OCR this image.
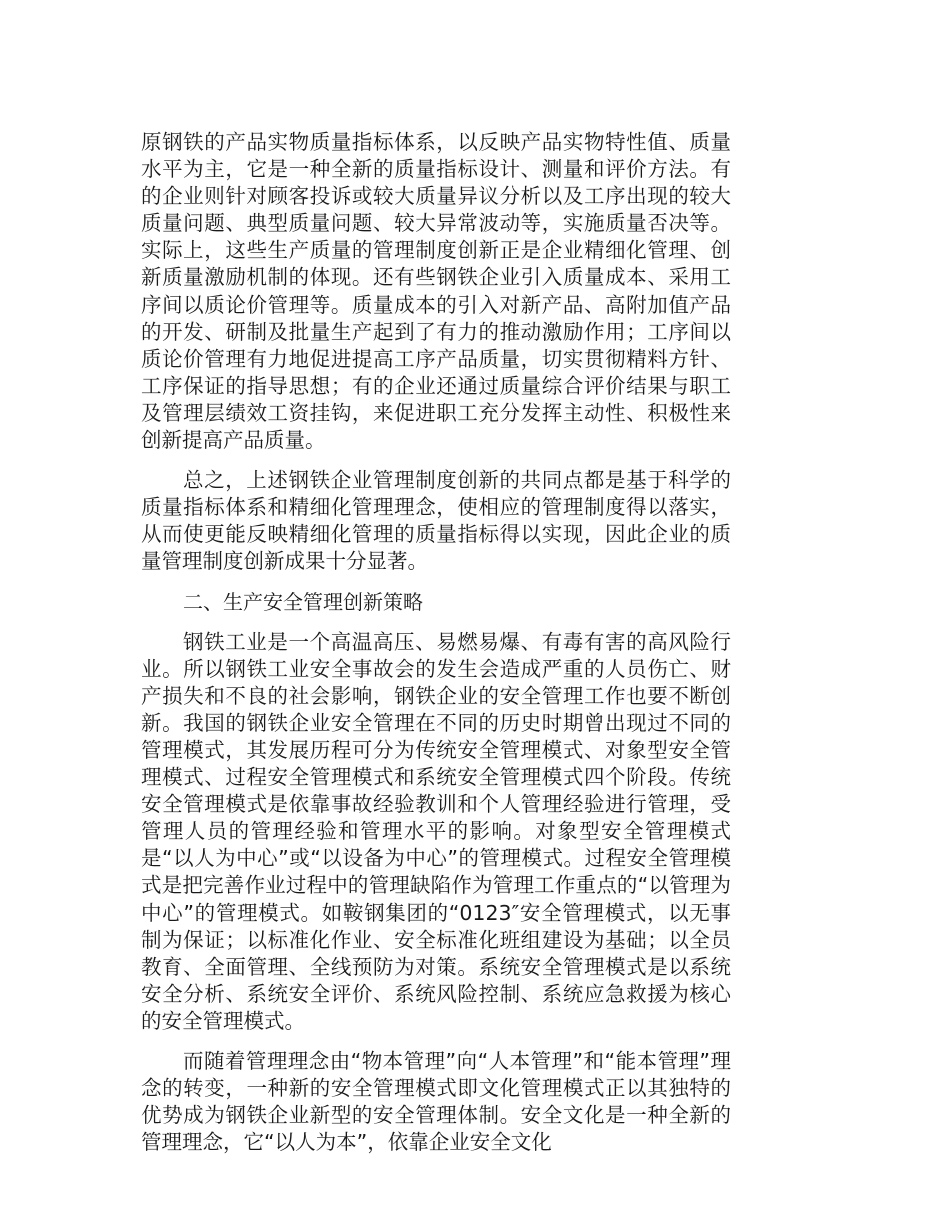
原钢铁的产品实物质量指标体系，以反映产品实物特性值、质量水平为主，它是一种全新的质量指标设计、测量和评价方法。有的企业则针对顾客投诉或较大质量异议分析以及工序出现的较大质量问题、典型质量问题、较大异常波动等，实施质量否决等。实际上，这些生产质量的管理制度创新正是企业精细化管理、创新质量激励机制的体现。还有些钢铁企业引入质量成本、采用工序间以质论价管理等。质量成本的引入对新产品、高附加值产品的开发、研制及批量生产起到了有力的推动激励作用；工序间以质论价管理有力地促进提高工序产品质量，切实贯彻精料方针、工序保证的指导思想；有的企业还通过质量综合评价结果与职工及管理层绩效工资挂钩，来促进职工充分发挥主动性、积极性来创新提高产品质量。

总之，上述钢铁企业管理制度创新的共同点都是基于科学的质量指标体系和精细化管理理念，使相应的管理制度得以落实，从而使更能反映精细化管理的质量指标得以实现，因此企业的质量管理制度创新成果十分显著。

二、生产安全管理创新策略

钢铁工业是一个高温高压、易燃易爆、有毒有害的高风险行业。所以钢铁工业安全事故会的发生会造成严重的人员伤亡、财产损失和不良的社会影响，钢铁企业的安全管理工作也要不断创新。我国的钢铁企业安全管理在不同的历史时期曾出现过不同的管理模式，其发展历程可分为传统安全管理模式、对象型安全管理模式、过程安全管理模式和系统安全管理模式四个阶段。传统安全管理模式是依靠事故经验教训和个人管理经验进行管理，受管理人员的管理经验和管理水平的影响。对象型安全管理模式是“以人为中心”或“以设备为中心”的管理模式。过程安全管理模式是把完善作业过程中的管理缺陷作为管理工作重点的“以管理为中心”的管理模式。如鞍钢集团的“0123″安全管理模式，以无事制为保证；以标准化作业、安全标准化班组建设为基础；以全员教育、全面管理、全线预防为对策。系统安全管理模式是以系统安全分析、系统安全评价、系统风险控制、系统应急救援为核心的安全管理模式。

而随着管理理念由“物本管理”向“人本管理”和“能本管理”理念的转变，一种新的安全管理模式即文化管理模式正以其独特的优势成为钢铁企业新型的安全管理体制。安全文化是一种全新的管理理念，它“以人为本”，依靠企业安全文化
